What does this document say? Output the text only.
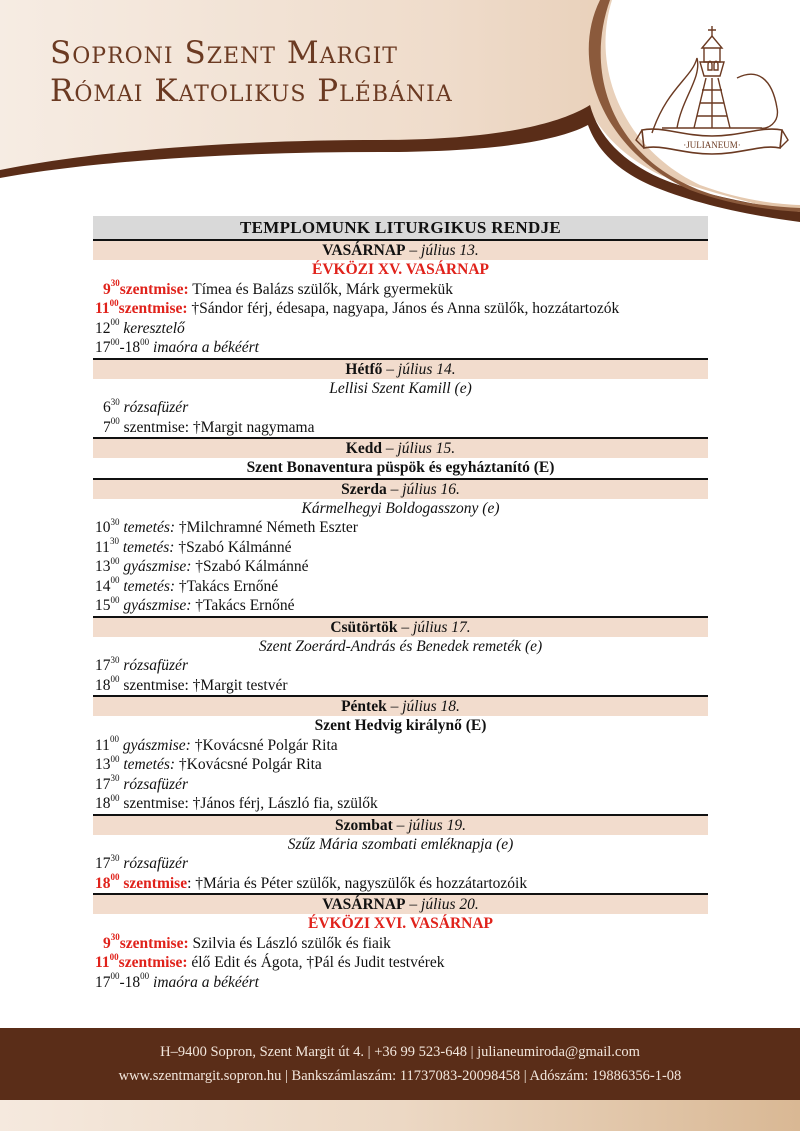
Soproni Szent Margit
Római Katolikus Plébánia
·JULIANEUM·
TEMPLOMUNK LITURGIKUS RENDJE
VASÁRNAP – július 13.
ÉVKÖZI XV. VASÁRNAP
$9^{30}szentmise$: Tímea és Balázs szülők, Márk gyermekük
$11^{00}szentmise$: †Sándor férj, édesapa, nagyapa, János és Anna szülők, hozzátartozók
$12^{00}$ keresztelő
$17^{00}-18^{00}$ imaóra a békéért
Hétfő – július 14.
Lellisi Szent Kamill (e)
$6^{30}$ rózsafüzér
$7^{00}$ szentmise: †Margit nagymama
Kedd – július 15.
Szent Bonaventura püspök és egyháztanító (E)
Szerda – július 16.
Kármelhegyi Boldogasszony (e)
$10^{30}$ temetés: †Milchramné Németh Eszter
$11^{30}$ temetés: †Szabó Kálmánné
$13^{00}$ gyászmise: †Szabó Kálmánné
$14^{00}$ temetés: †Takács Ernőné
$15^{00}$ gyászmise: †Takács Ernőné
Csütörtök – július 17.
Szent Zoerárd-András és Benedek remeték (e)
$17^{30}$ rózsafüzér
$18^{00}$ szentmise: †Margit testvér
Péntek – július 18.
Szent Hedvig királynő (E)
$11^{00}$ gyászmise: †Kovácsné Polgár Rita
$13^{00}$ temetés: †Kovácsné Polgár Rita
$17^{30}$ rózsafüzér
$18^{00}$ szentmise: †János férj, László fia, szülők
Szombat – július 19.
Szűz Mária szombati emléknapja (e)
$17^{30}$ rózsafüzér
$18^{00}$ szentmise: †Mária és Péter szülők, nagyszülők és hozzátartozóik
VASÁRNAP – július 20.
ÉVKÖZI XVI. VASÁRNAP
$9^{30}szentmise$: Szilvia és László szülők és fiaik
$11^{00}szentmise$: élő Edit és Ágota, †Pál és Judit testvérek
$17^{00}-18^{00}$ imaóra a békéért
H–9400 Sopron, Szent Margit út 4. | +36 99 523-648 | julianeumiroda@gmail.com
www.szentmargit.sopron.hu | Bankszámlaszám: 11737083-20098458 | Adószám: 19886356-1-08
